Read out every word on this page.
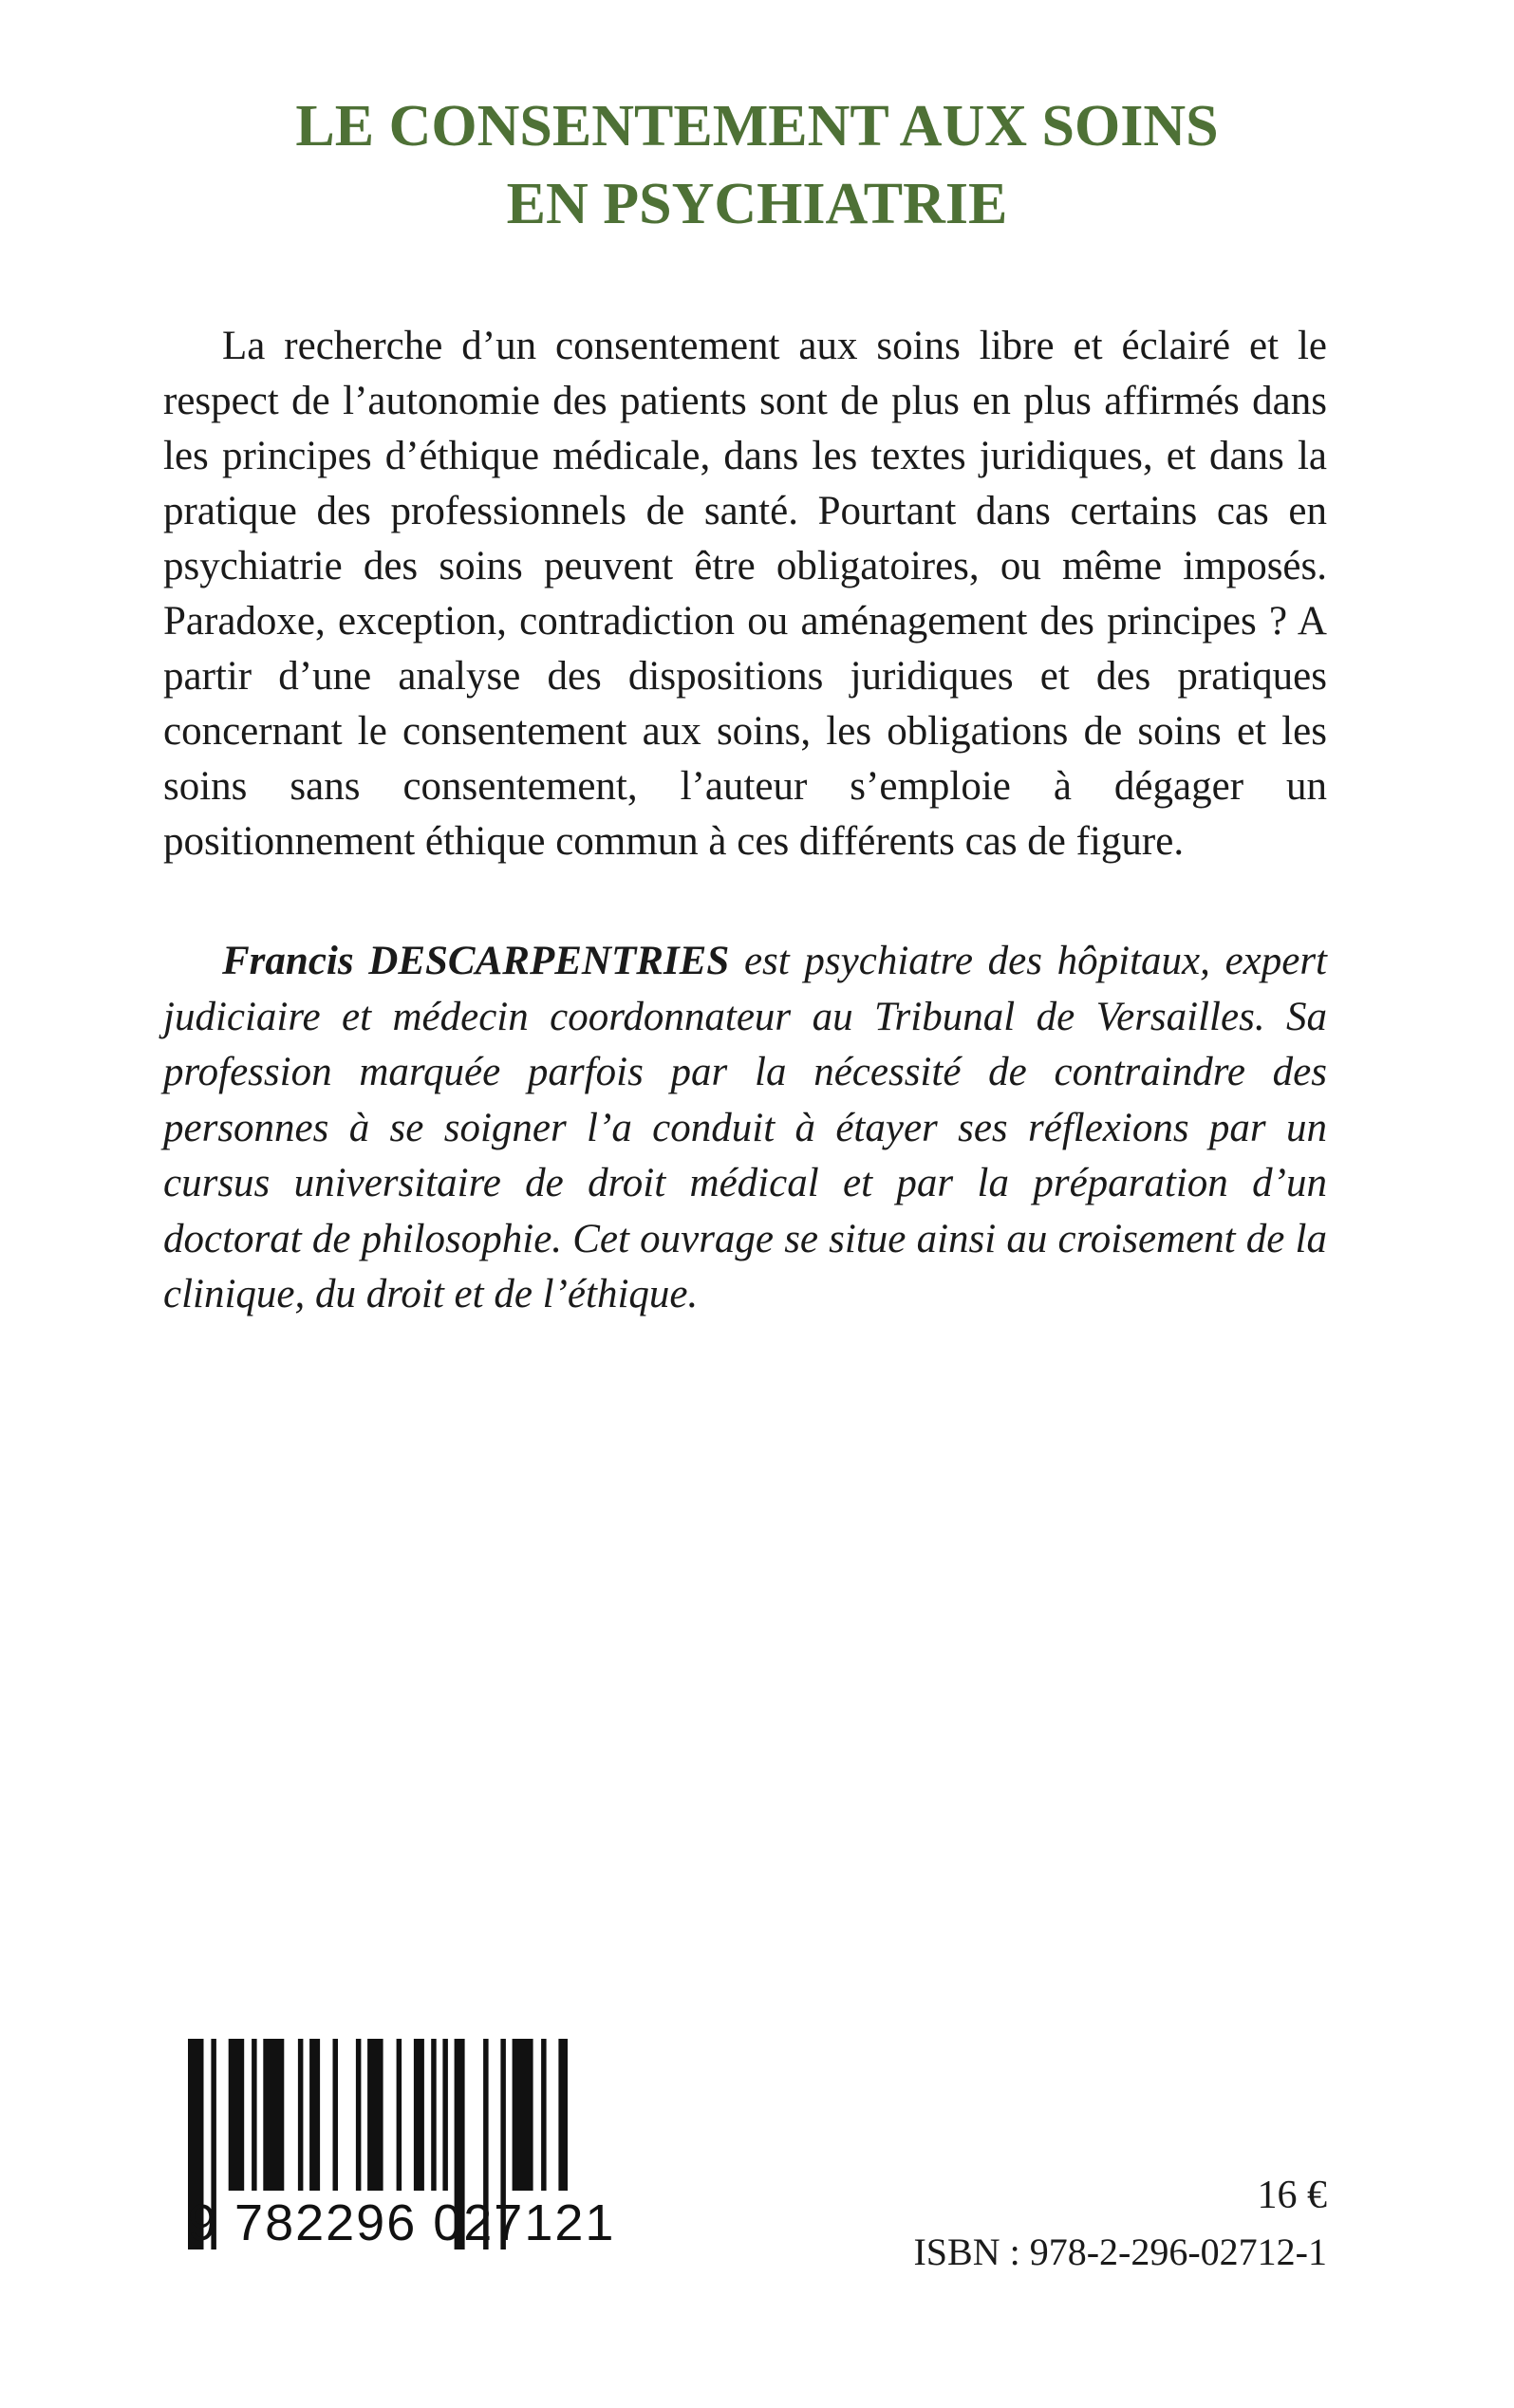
LE CONSENTEMENT AUX SOINS
EN PSYCHIATRIE

La recherche d’un consentement aux soins libre et éclairé et le respect de l’autonomie des patients sont de plus en plus affirmés dans les principes d’éthique médicale, dans les textes juridiques, et dans la pratique des professionnels de santé. Pourtant dans certains cas en psychiatrie des soins peuvent être obligatoires, ou même imposés. Paradoxe, exception, contradiction ou aménagement des principes ? A partir d’une analyse des dispositions juridiques et des pratiques concernant le consentement aux soins, les obligations de soins et les soins sans consentement, l’auteur s’emploie à dégager un positionnement éthique commun à ces différents cas de figure.

Francis DESCARPENTRIES est psychiatre des hôpitaux, expert judiciaire et médecin coordonnateur au Tribunal de Versailles. Sa profession marquée parfois par la nécessité de contraindre des personnes à se soigner l’a conduit à étayer ses réflexions par un cursus universitaire de droit médical et par la préparation d’un doctorat de philosophie. Cet ouvrage se situe ainsi au croisement de la clinique, du droit et de l’éthique.

9 782296 027121	16 €
ISBN : 978-2-296-02712-1
